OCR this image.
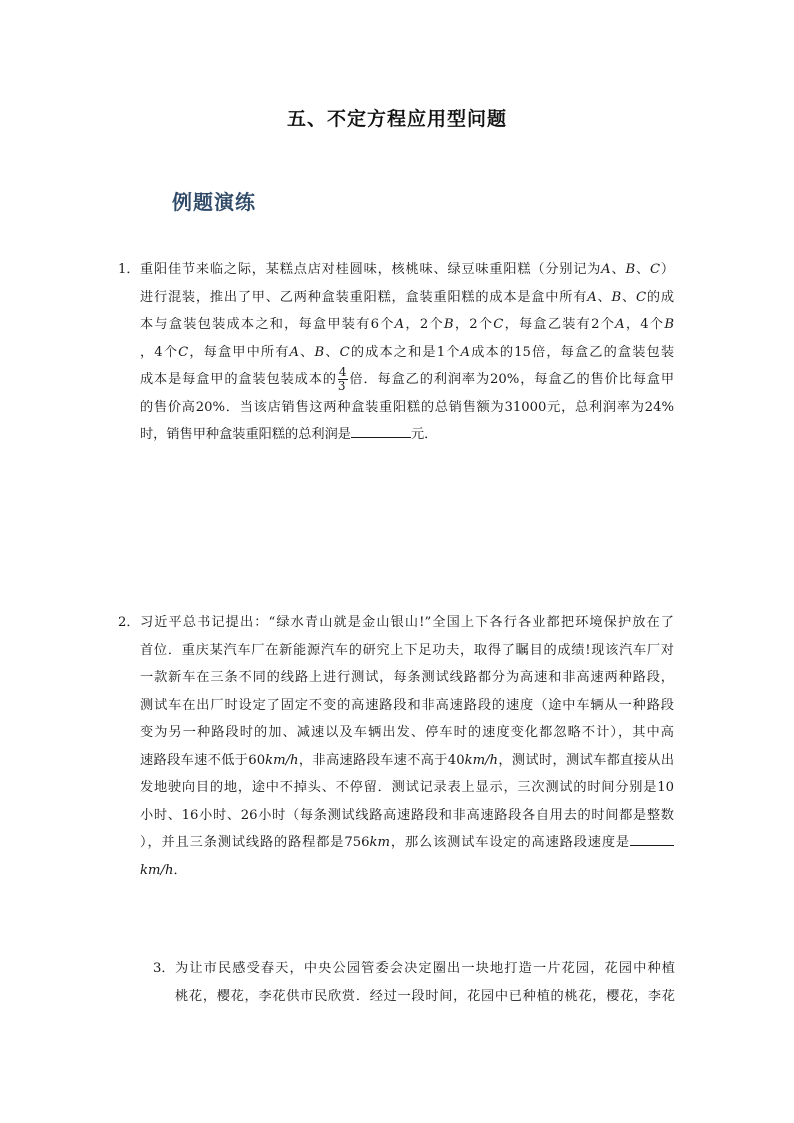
五、不定方程应用型问题
例题演练
1． 重阳佳节来临之际，某糕点店对桂圆味，核桃味、绿豆味重阳糕（分别记为A、B、C）
进行混装，推出了甲、乙两种盒装重阳糕，盒装重阳糕的成本是盒中所有A、B、C的成
本与盒装包装成本之和，每盒甲装有6个A，2个B，2个C，每盒乙装有2个A，4个B
，4个C，每盒甲中所有A、B、C的成本之和是1个A成本的15倍，每盒乙的盒装包装
成本是每盒甲的盒装包装成本的 $\frac{4}{3}$ 倍．每盒乙的利润率为20%，每盒乙的售价比每盒甲
的售价高20%．当该店销售这两种盒装重阳糕的总销售额为31000元，总利润率为24%
时，销售甲种盒装重阳糕的总利润是	元．
2． 习近平总书记提出：“绿水青山就是金山银山!”全国上下各行各业都把环境保护放在了
首位．重庆某汽车厂在新能源汽车的研究上下足功夫，取得了瞩目的成绩!现该汽车厂对
一款新车在三条不同的线路上进行测试，每条测试线路都分为高速和非高速两种路段，
测试车在出厂时设定了固定不变的高速路段和非高速路段的速度（途中车辆从一种路段
变为另一种路段时的加、减速以及车辆出发、停车时的速度变化都忽略不计），其中高
速路段车速不低于60km/h，非高速路段车速不高于40km/h，测试时，测试车都直接从出
发地驶向目的地，途中不掉头、不停留．测试记录表上显示，三次测试的时间分别是10
小时、16小时、26小时（每条测试线路高速路段和非高速路段各自用去的时间都是整数
），并且三条测试线路的路程都是756km，那么该测试车设定的高速路段速度是
km/h．
3． 为让市民感受春天，中央公园管委会决定圈出一块地打造一片花园，花园中种植
桃花，樱花，李花供市民欣赏．经过一段时间，花园中已种植的桃花，樱花，李花
